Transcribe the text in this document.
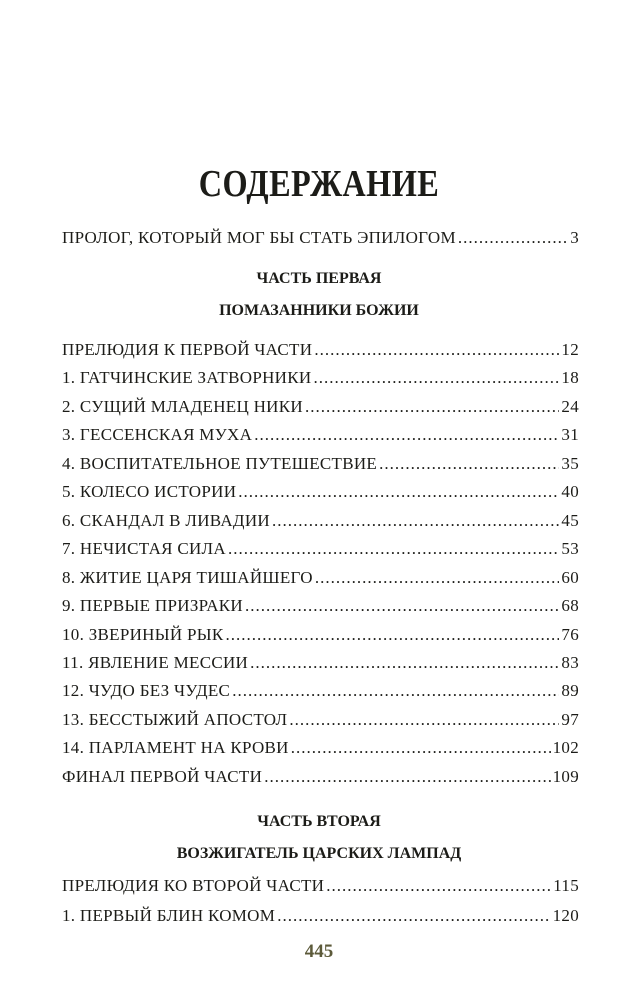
СОДЕРЖАНИЕ
ПРОЛОГ, КОТОРЫЙ МОГ БЫ СТАТЬ ЭПИЛОГОМ .....	3
ЧАСТЬ ПЕРВАЯ
ПОМАЗАННИКИ БОЖИИ
ПРЕЛЮДИЯ К ПЕРВОЙ ЧАСТИ .....	12
1. ГАТЧИНСКИЕ ЗАТВОРНИКИ .....	18
2. СУЩИЙ МЛАДЕНЕЦ НИКИ .....	24
3. ГЕССЕНСКАЯ МУХА .....	31
4. ВОСПИТАТЕЛЬНОЕ ПУТЕШЕСТВИЕ .....	35
5. КОЛЕСО ИСТОРИИ .....	40
6. СКАНДАЛ В ЛИВАДИИ .....	45
7. НЕЧИСТАЯ СИЛА .....	53
8. ЖИТИЕ ЦАРЯ ТИШАЙШЕГО .....	60
9. ПЕРВЫЕ ПРИЗРАКИ .....	68
10. ЗВЕРИНЫЙ РЫК .....	76
11. ЯВЛЕНИЕ МЕССИИ .....	83
12. ЧУДО БЕЗ ЧУДЕС .....	89
13. БЕССТЫЖИЙ АПОСТОЛ .....	97
14. ПАРЛАМЕНТ НА КРОВИ .....	102
ФИНАЛ ПЕРВОЙ ЧАСТИ .....	109
ЧАСТЬ ВТОРАЯ
ВОЗЖИГАТЕЛЬ ЦАРСКИХ ЛАМПАД
ПРЕЛЮДИЯ КО ВТОРОЙ ЧАСТИ .....	115
1. ПЕРВЫЙ БЛИН КОМОМ .....	120
445
